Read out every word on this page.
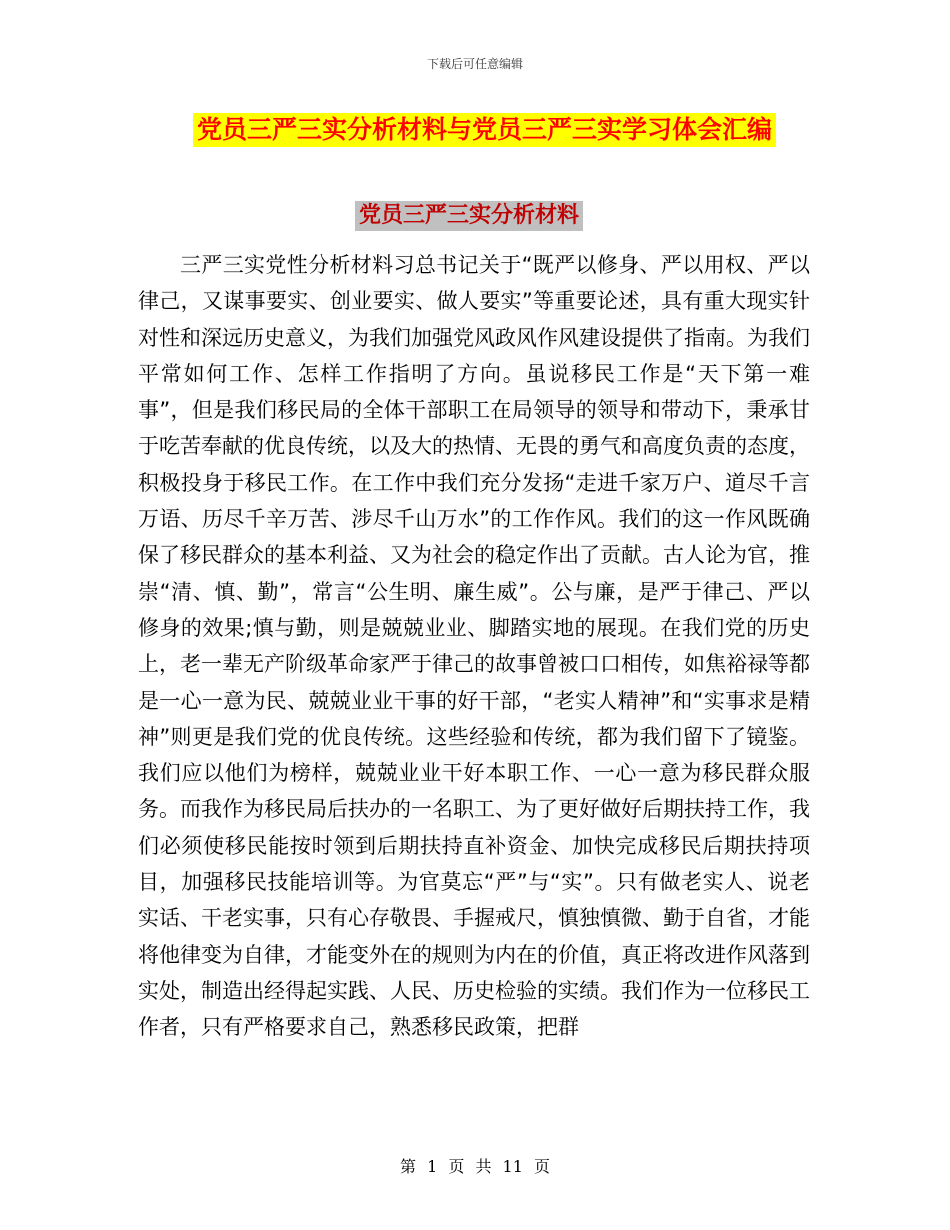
下载后可任意编辑
党员三严三实分析材料与党员三严三实学习体会汇编
党员三严三实分析材料

三严三实党性分析材料习总书记关于“既严以修身、严以用权、严以律己，又谋事要实、创业要实、做人要实”等重要论述，具有重大现实针对性和深远历史意义，为我们加强党风政风作风建设提供了指南。为我们平常如何工作、怎样工作指明了方向。虽说移民工作是“天下第一难事”，但是我们移民局的全体干部职工在局领导的领导和带动下，秉承甘于吃苦奉献的优良传统，以及大的热情、无畏的勇气和高度负责的态度，积极投身于移民工作。在工作中我们充分发扬“走进千家万户、道尽千言万语、历尽千辛万苦、涉尽千山万水”的工作作风。我们的这一作风既确保了移民群众的基本利益、又为社会的稳定作出了贡献。古人论为官，推崇“清、慎、勤”，常言“公生明、廉生威”。公与廉，是严于律己、严以修身的效果;慎与勤，则是兢兢业业、脚踏实地的展现。在我们党的历史上，老一辈无产阶级革命家严于律己的故事曾被口口相传，如焦裕禄等都是一心一意为民、兢兢业业干事的好干部，“老实人精神”和“实事求是精神”则更是我们党的优良传统。这些经验和传统，都为我们留下了镜鉴。我们应以他们为榜样，兢兢业业干好本职工作、一心一意为移民群众服务。而我作为移民局后扶办的一名职工、为了更好做好后期扶持工作，我们必须使移民能按时领到后期扶持直补资金、加快完成移民后期扶持项目，加强移民技能培训等。为官莫忘“严”与“实”。只有做老实人、说老实话、干老实事，只有心存敬畏、手握戒尺，慎独慎微、勤于自省，才能将他律变为自律，才能变外在的规则为内在的价值，真正将改进作风落到实处，制造出经得起实践、人民、历史检验的实绩。我们作为一位移民工作者，只有严格要求自己，熟悉移民政策，把群

第 1 页 共 11 页
